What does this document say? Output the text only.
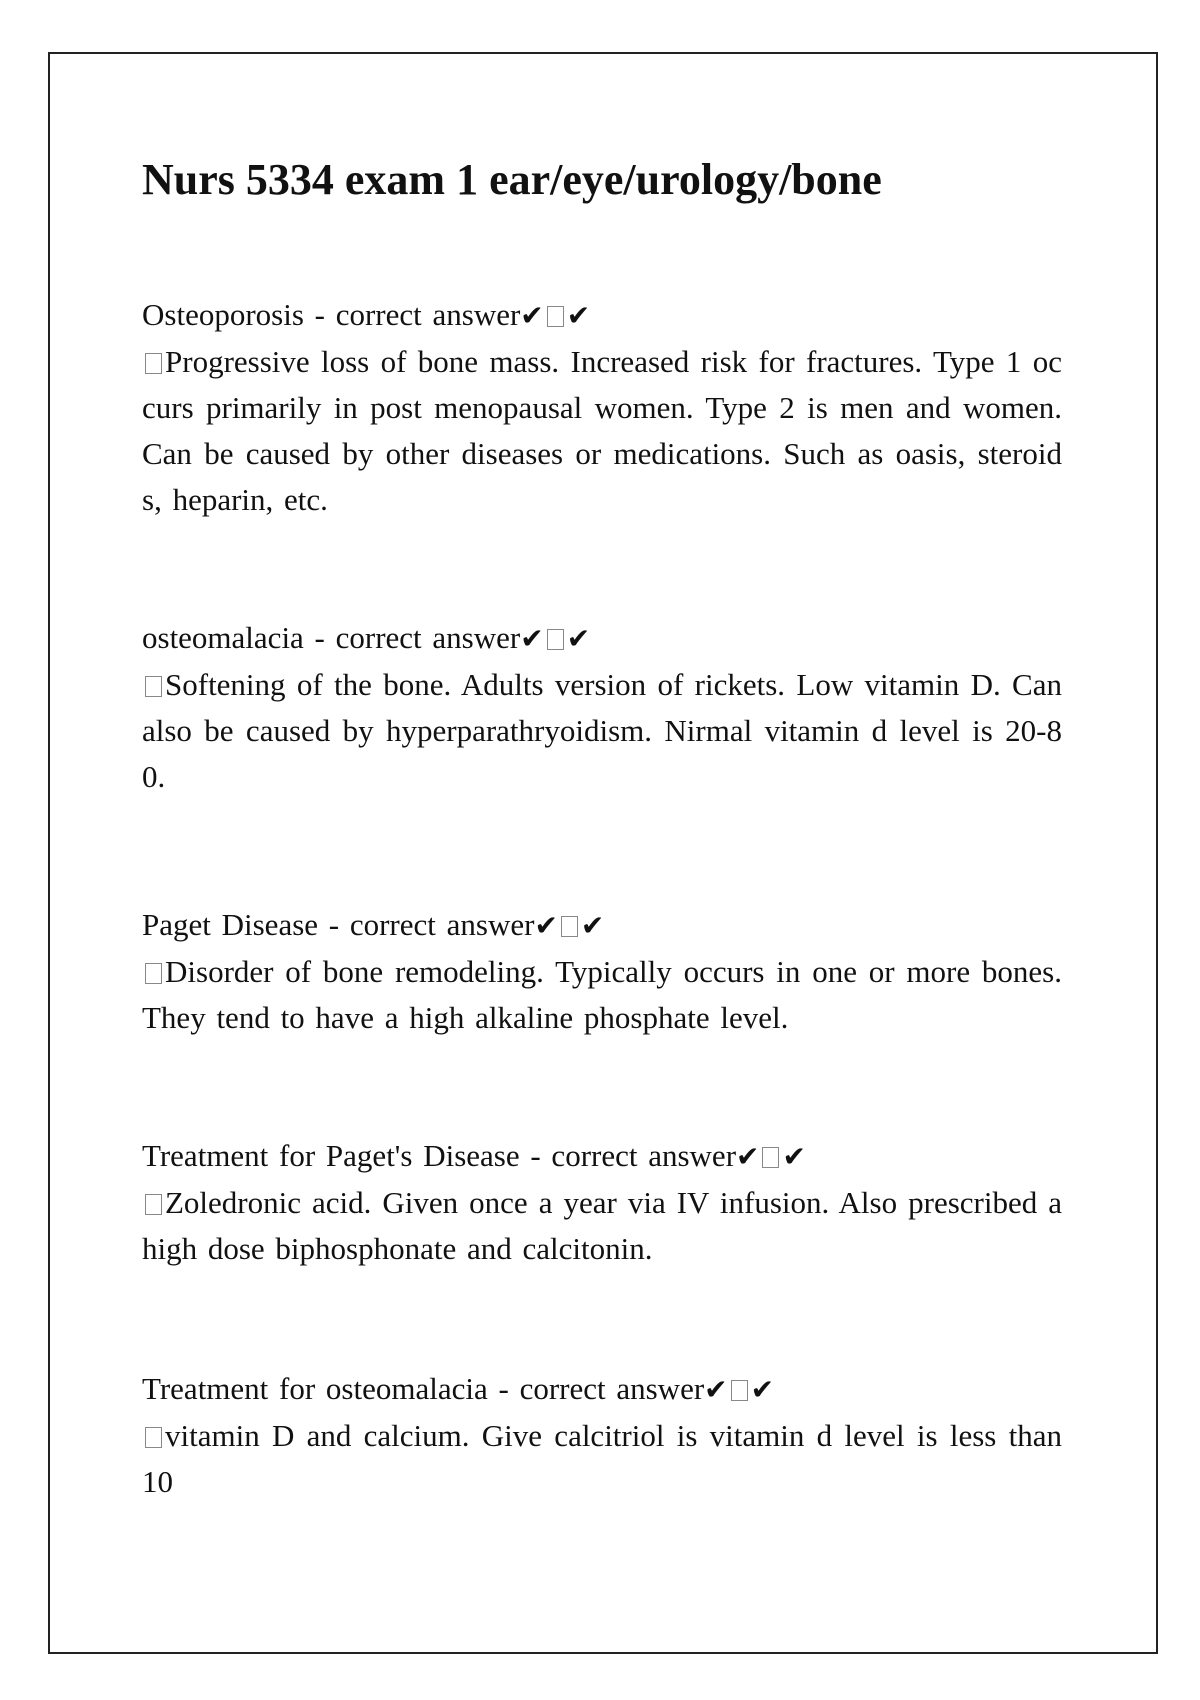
Nurs 5334 exam 1 ear/eye/urology/bone
Osteoporosis - correct answer✔ ✔
Progressive loss of bone mass. Increased risk for fractures. Type 1 occurs primarily in post menopausal women. Type 2 is men and women. Can be caused by other diseases or medications. Such as oasis, steroids, heparin, etc.
osteomalacia - correct answer✔ ✔
Softening of the bone. Adults version of rickets. Low vitamin D. Can also be caused by hyperparathryoidism. Nirmal vitamin d level is 20-80.
Paget Disease - correct answer✔ ✔
Disorder of bone remodeling. Typically occurs in one or more bones. They tend to have a high alkaline phosphate level.
Treatment for Paget's Disease - correct answer✔ ✔
Zoledronic acid. Given once a year via IV infusion. Also prescribed a high dose biphosphonate and calcitonin.
Treatment for osteomalacia - correct answer✔ ✔
vitamin D and calcium. Give calcitriol is vitamin d level is less than 10
